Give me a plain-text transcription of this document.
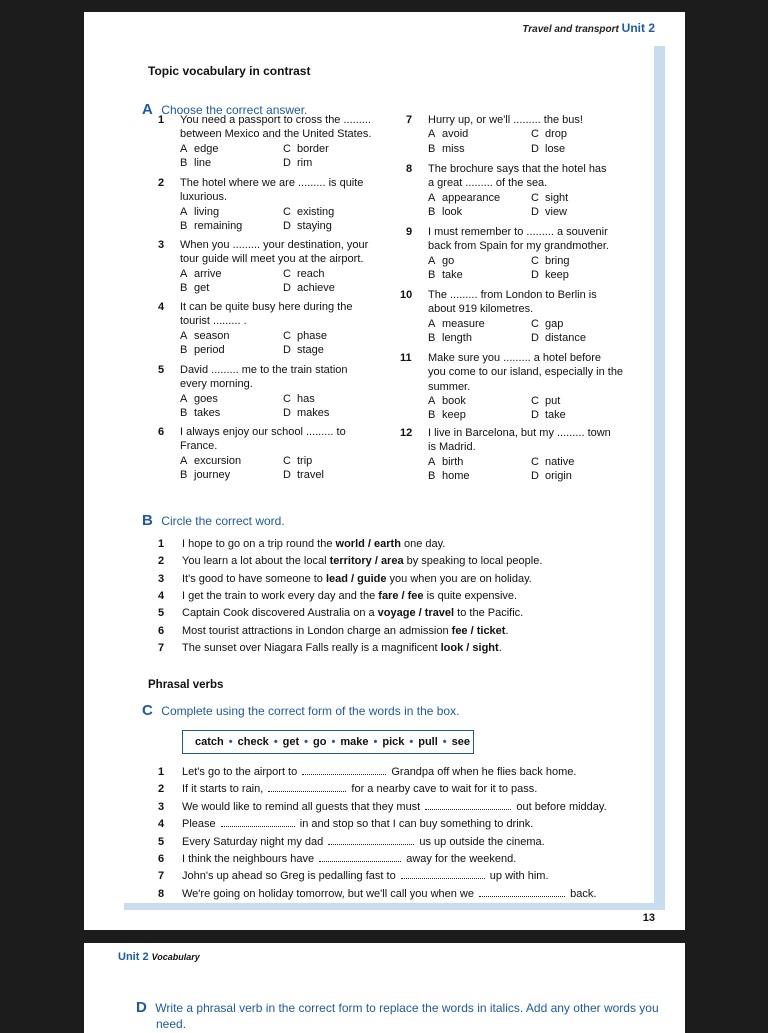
Travel and transport Unit 2
Topic vocabulary in contrast
A Choose the correct answer.
1	You need a passport to cross the .........
between Mexico and the United States.
A edge	C border
B line	D rim
2	The hotel where we are ......... is quite
luxurious.
A living	C existing
B remaining	D staying
3	When you ......... your destination, your
tour guide will meet you at the airport.
A arrive	C reach
B get	D achieve
4	It can be quite busy here during the
tourist ......... .
A season	C phase
B period	D stage
5	David ......... me to the train station
every morning.
A goes	C has
B takes	D makes
6	I always enjoy our school ......... to
France.
A excursion	C trip
B journey	D travel
7	Hurry up, or we'll ......... the bus!
A avoid	C drop
B miss	D lose
8	The brochure says that the hotel has
a great ......... of the sea.
A appearance	C sight
B look	D view
9	I must remember to ......... a souvenir
back from Spain for my grandmother.
A go	C bring
B take	D keep
10 The ......... from London to Berlin is
about 919 kilometres.
A measure	C gap
B length	D distance
11 Make sure you ......... a hotel before
you come to our island, especially in the
summer.
A book	C put
B keep	D take
12 I live in Barcelona, but my ......... town
is Madrid.
A birth	C native
B home	D origin
B Circle the correct word.
1 I hope to go on a trip round the world / earth one day.
2 You learn a lot about the local territory / area by speaking to local people.
3 It's good to have someone to lead / guide you when you are on holiday.
4 I get the train to work every day and the fare / fee is quite expensive.
5 Captain Cook discovered Australia on a voyage / travel to the Pacific.
6 Most tourist attractions in London charge an admission fee / ticket.
7 The sunset over Niagara Falls really is a magnificent look / sight.
Phrasal verbs
C Complete using the correct form of the words in the box.
catch • check • get • go • make • pick • pull • see
1 Let's go to the airport to	Grandpa off when he flies back home.
2 If it starts to rain,	for a nearby cave to wait for it to pass.
3 We would like to remind all guests that they must	out before midday.
4 Please	in and stop so that I can buy something to drink.
5 Every Saturday night my dad	us up outside the cinema.
6 I think the neighbours have	away for the weekend.
7 John's up ahead so Greg is pedalling fast to	up with him.
8 We're going on holiday tomorrow, but we'll call you when we	back.
13
Unit 2 Vocabulary
D Write a phrasal verb in the correct form to replace the words in italics. Add any other words you
need.
